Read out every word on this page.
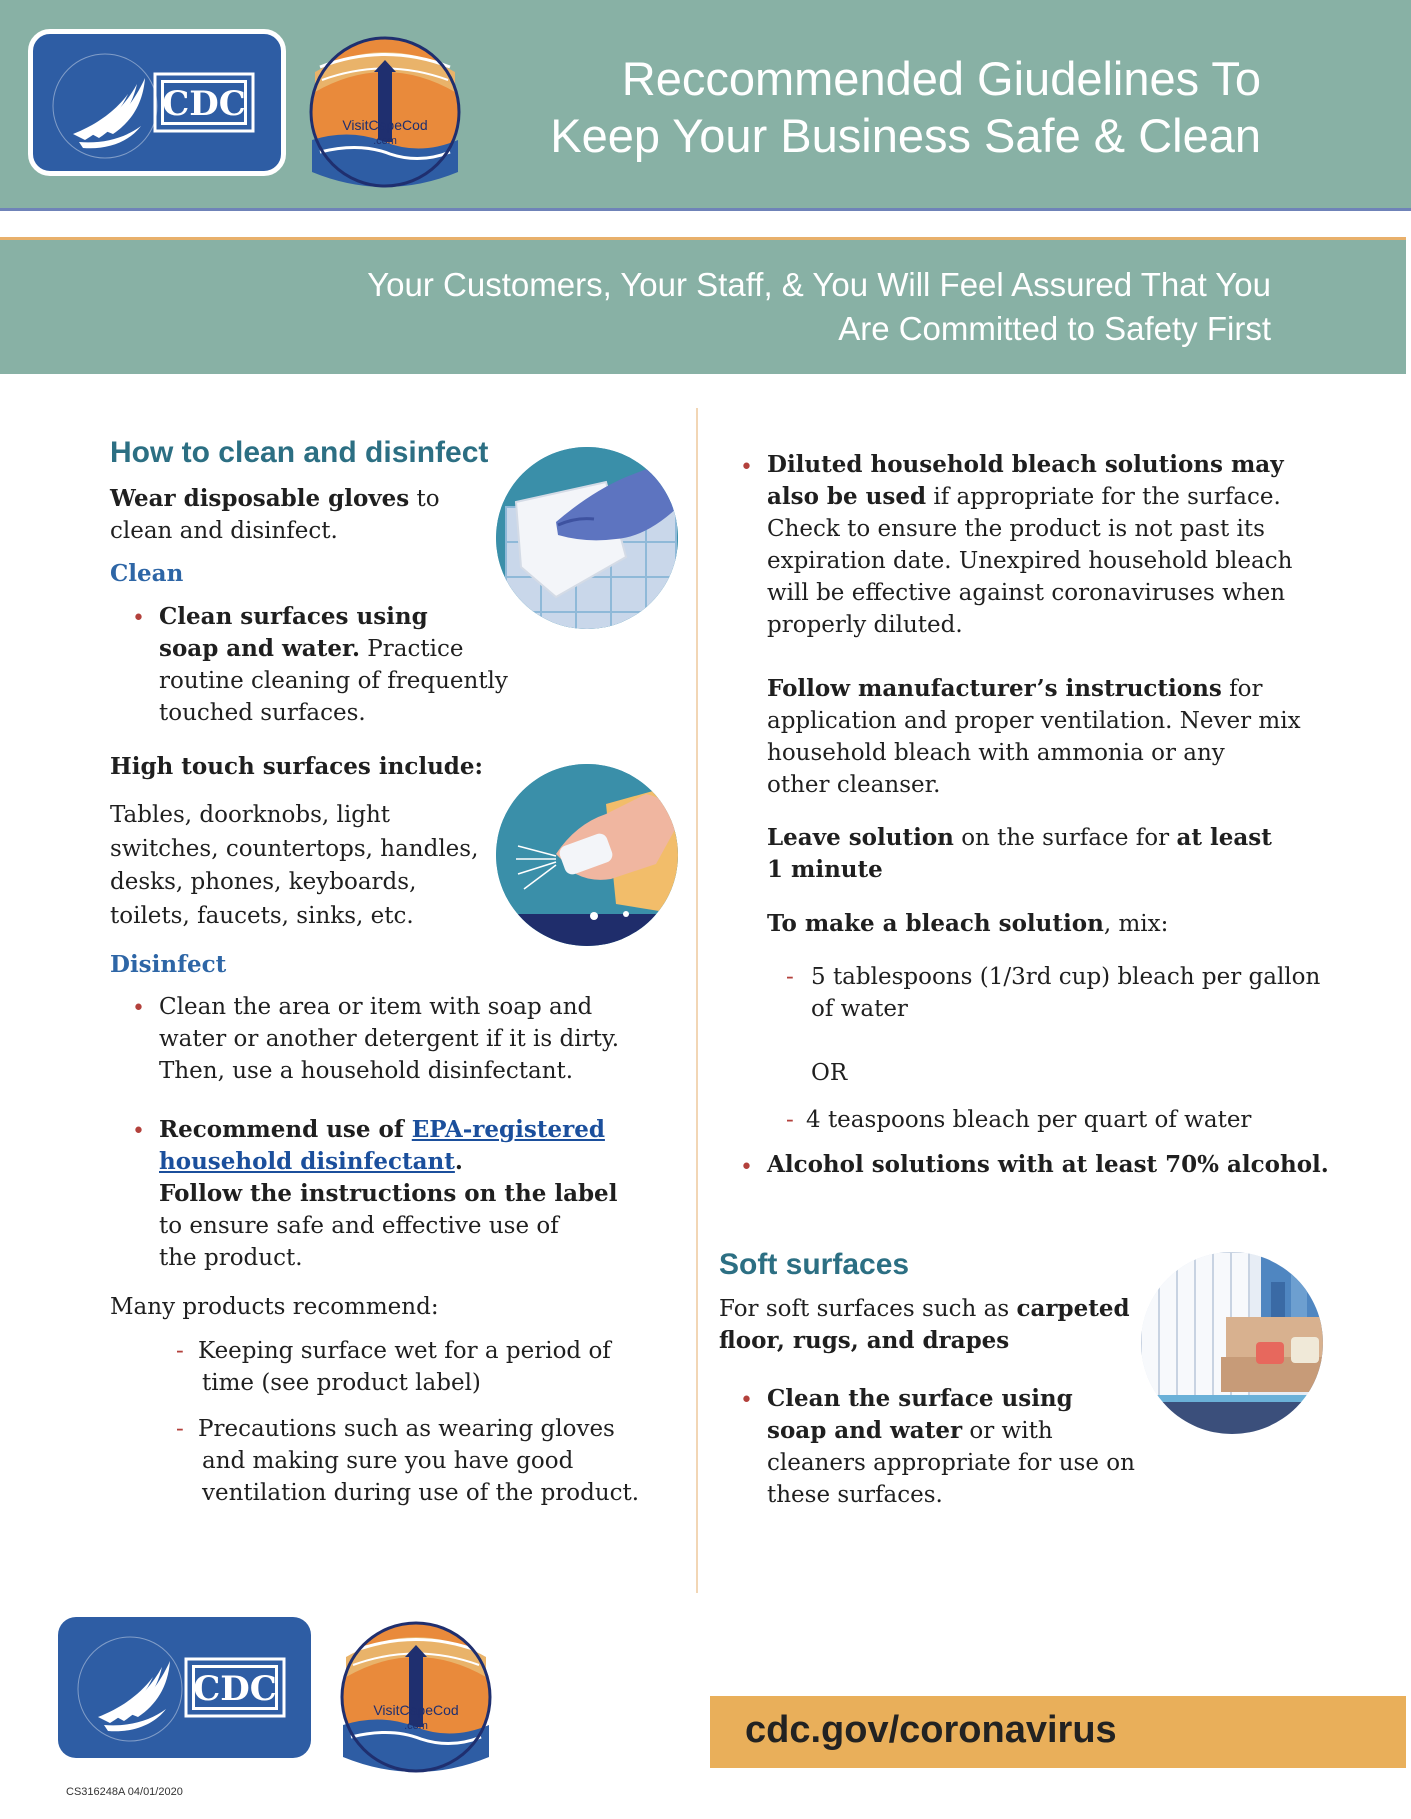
CDC
VisitCapeCod
.com
Reccommended Giudelines To
Keep Your Business Safe & Clean
Your Customers, Your Staff, & You Will Feel Assured That You
Are Committed to Safety First
How to clean and disinfect
Wear disposable gloves to
clean and disinfect.
Clean
• Clean surfaces using
soap and water. Practice
routine cleaning of frequently
touched surfaces.
High touch surfaces include:
Tables, doorknobs, light
switches, countertops, handles,
desks, phones, keyboards,
toilets, faucets, sinks, etc.
Disinfect
• Clean the area or item with soap and
water or another detergent if it is dirty.
Then, use a household disinfectant.
• Recommend use of EPA-registered
household disinfectant.
Follow the instructions on the label
to ensure safe and effective use of
the product.
Many products recommend:
- Keeping surface wet for a period of
time (see product label)
- Precautions such as wearing gloves
and making sure you have good
ventilation during use of the product.
• Diluted household bleach solutions may
also be used if appropriate for the surface.
Check to ensure the product is not past its
expiration date. Unexpired household bleach
will be effective against coronaviruses when
properly diluted.
Follow manufacturer’s instructions for
application and proper ventilation. Never mix
household bleach with ammonia or any
other cleanser.
Leave solution on the surface for at least
1 minute
To make a bleach solution, mix:
- 5 tablespoons (1/3rd cup) bleach per gallon
of water
OR
- 4 teaspoons bleach per quart of water
• Alcohol solutions with at least 70% alcohol.
Soft surfaces
For soft surfaces such as carpeted
floor, rugs, and drapes
• Clean the surface using
soap and water or with
cleaners appropriate for use on
these surfaces.
CDC
VisitCapeCod
.com	cdc.gov/coronavirus
CS316248A 04/01/2020
